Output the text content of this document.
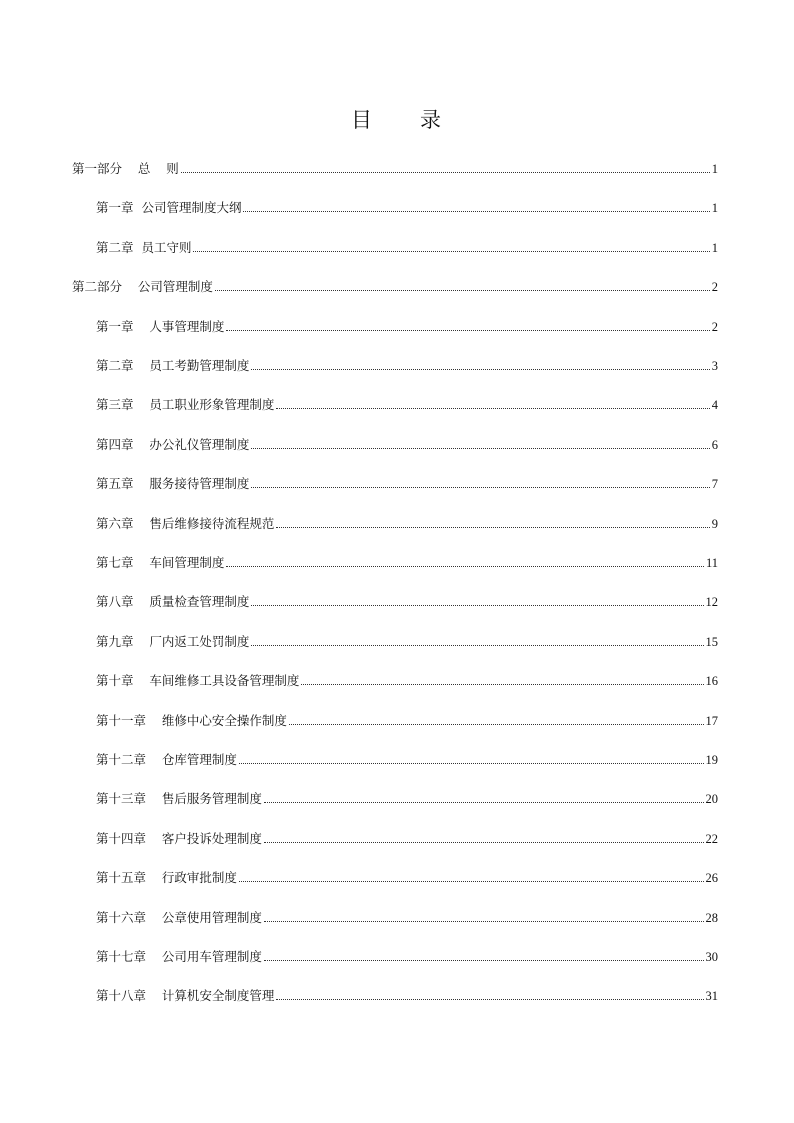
目 录
第一部分    总    则	1
第一章  公司管理制度大纲	1
第二章  员工守则	1
第二部分    公司管理制度	2
第一章    人事管理制度	2
第二章    员工考勤管理制度	3
第三章    员工职业形象管理制度	4
第四章    办公礼仪管理制度	6
第五章    服务接待管理制度	7
第六章    售后维修接待流程规范	9
第七章    车间管理制度	11
第八章    质量检查管理制度	12
第九章    厂内返工处罚制度	15
第十章    车间维修工具设备管理制度	16
第十一章    维修中心安全操作制度	17
第十二章    仓库管理制度	19
第十三章    售后服务管理制度	20
第十四章    客户投诉处理制度	22
第十五章    行政审批制度	26
第十六章    公章使用管理制度	28
第十七章    公司用车管理制度	30
第十八章    计算机安全制度管理	31
